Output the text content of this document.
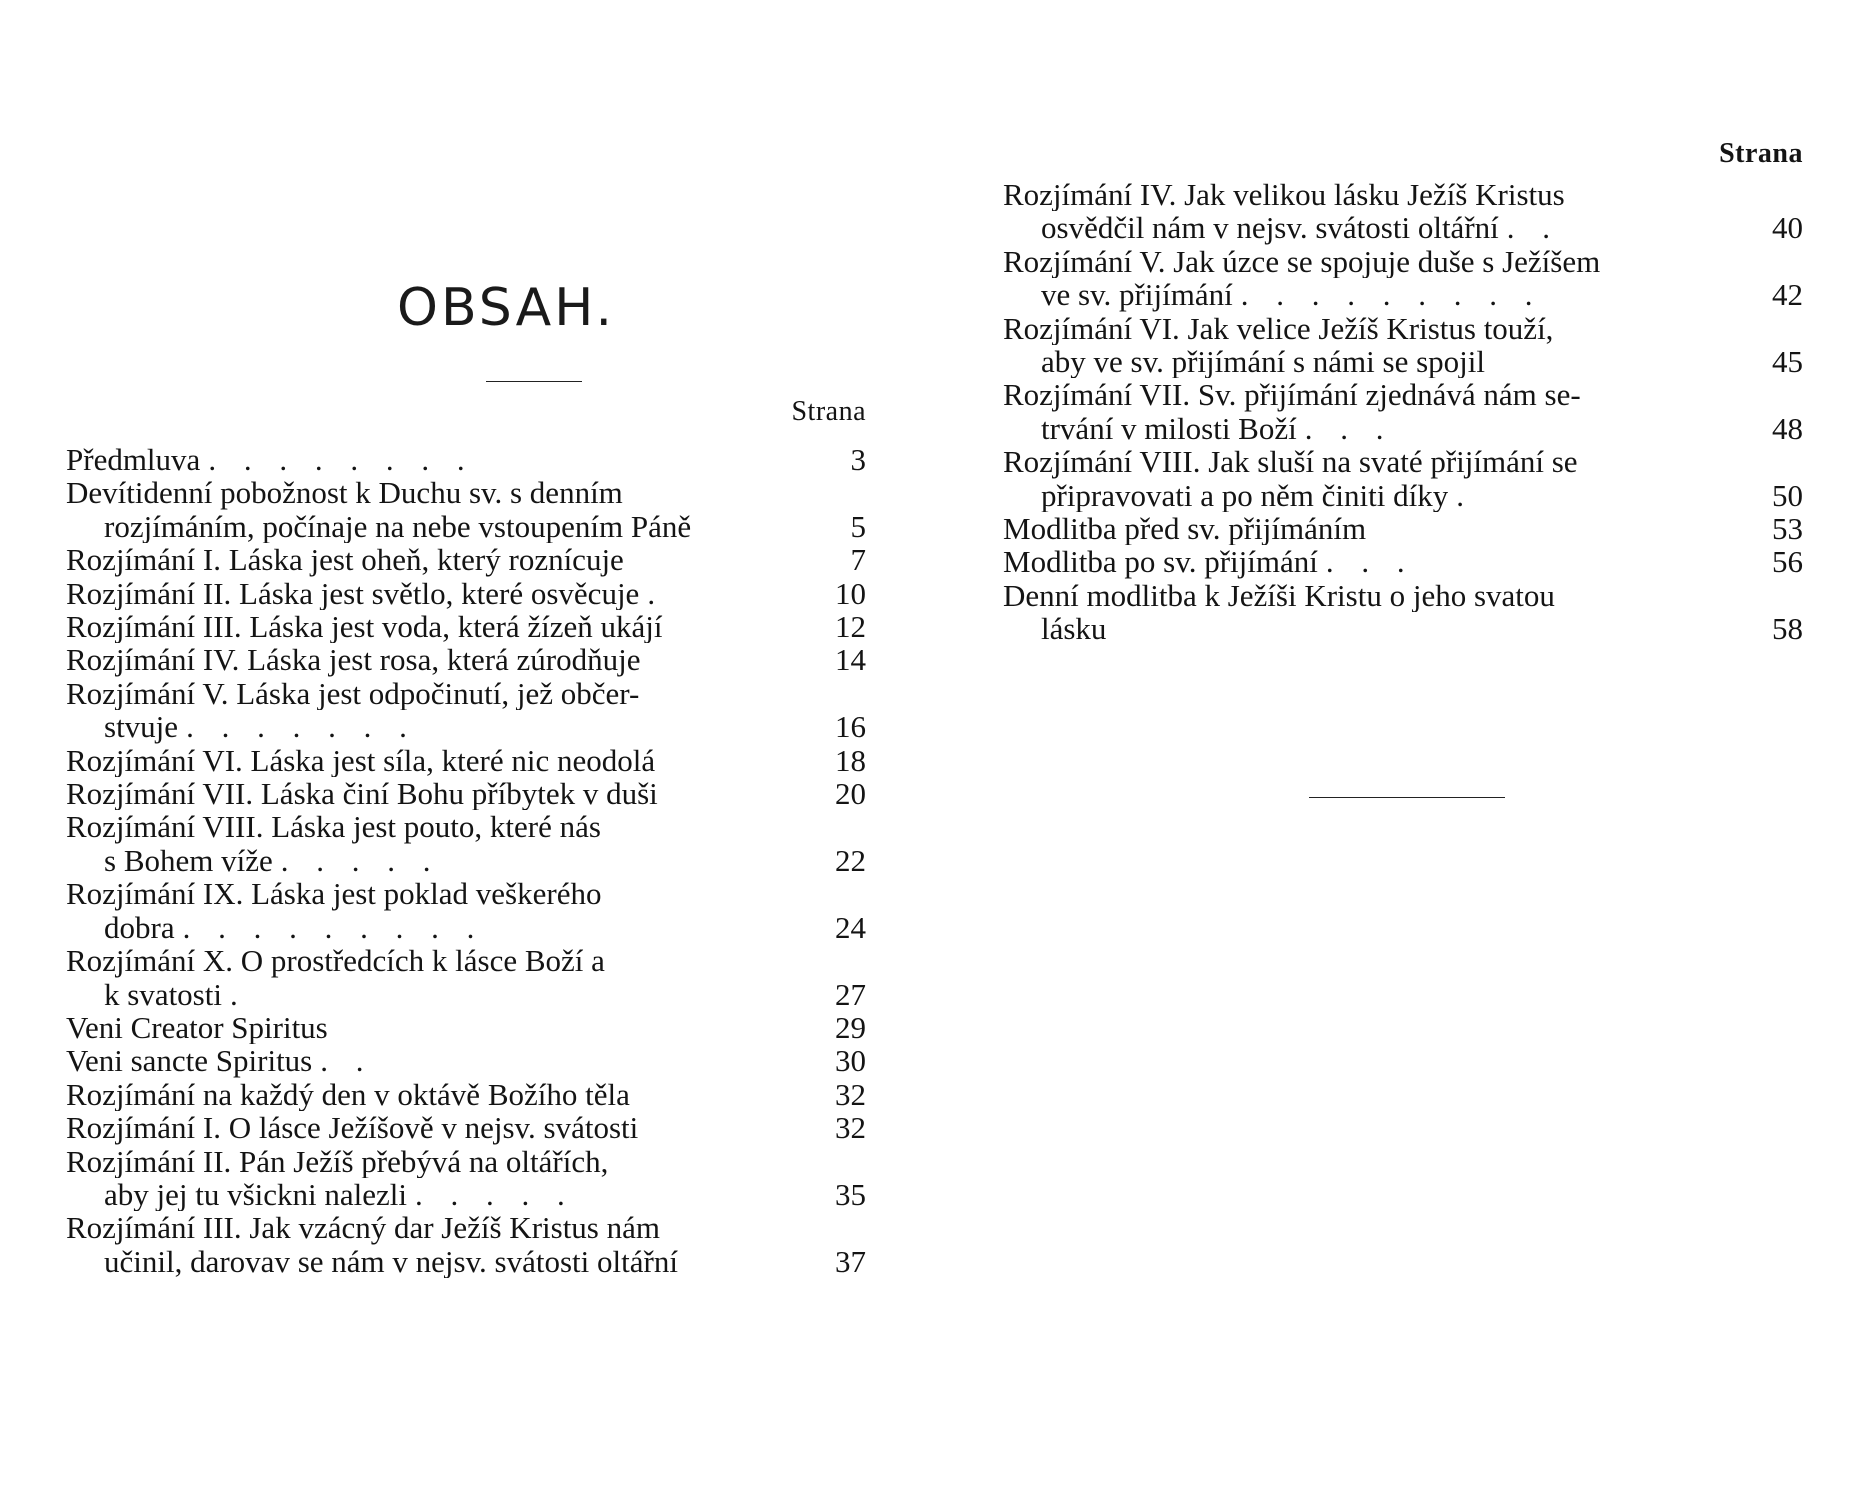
OBSAH.
Strana
Předmluva . . . . . . . .	3
Devítidenní pobožnost k Duchu sv. s denním
rozjímáním, počínaje na nebe vstoupením Páně	5
Rozjímání I. Láska jest oheň, který roznícuje	7
Rozjímání II. Láska jest světlo, které osvěcuje .	10
Rozjímání III. Láska jest voda, která žízeň ukájí	12
Rozjímání IV. Láska jest rosa, která zúrodňuje	14
Rozjímání V. Láska jest odpočinutí, jež občer-
stvuje . . . . . . .	16
Rozjímání VI. Láska jest síla, které nic neodolá	18
Rozjímání VII. Láska činí Bohu příbytek v duši	20
Rozjímání VIII. Láska jest pouto, které nás
s Bohem víže . . . . .	22
Rozjímání IX. Láska jest poklad veškerého
dobra . . . . . . . . .	24
Rozjímání X. O prostředcích k lásce Boží a
k svatosti .	27
Veni Creator Spiritus	29
Veni sancte Spiritus . .	30
Rozjímání na každý den v oktávě Božího těla	32
Rozjímání I. O lásce Ježíšově v nejsv. svátosti	32
Rozjímání II. Pán Ježíš přebývá na oltářích,
aby jej tu všickni nalezli . . . . .	35
Rozjímání III. Jak vzácný dar Ježíš Kristus nám
učinil, darovav se nám v nejsv. svátosti oltářní	37
Strana
Rozjímání IV. Jak velikou lásku Ježíš Kristus
osvědčil nám v nejsv. svátosti oltářní . .	40
Rozjímání V. Jak úzce se spojuje duše s Ježíšem
ve sv. přijímání . . . . . . . . .	42
Rozjímání VI. Jak velice Ježíš Kristus touží,
aby ve sv. přijímání s námi se spojil	45
Rozjímání VII. Sv. přijímání zjednává nám se-
trvání v milosti Boží . . .	48
Rozjímání VIII. Jak sluší na svaté přijímání se
připravovati a po něm činiti díky .	50
Modlitba před sv. přijímáním	53
Modlitba po sv. přijímání . . .	56
Denní modlitba k Ježíši Kristu o jeho svatou
lásku	58
